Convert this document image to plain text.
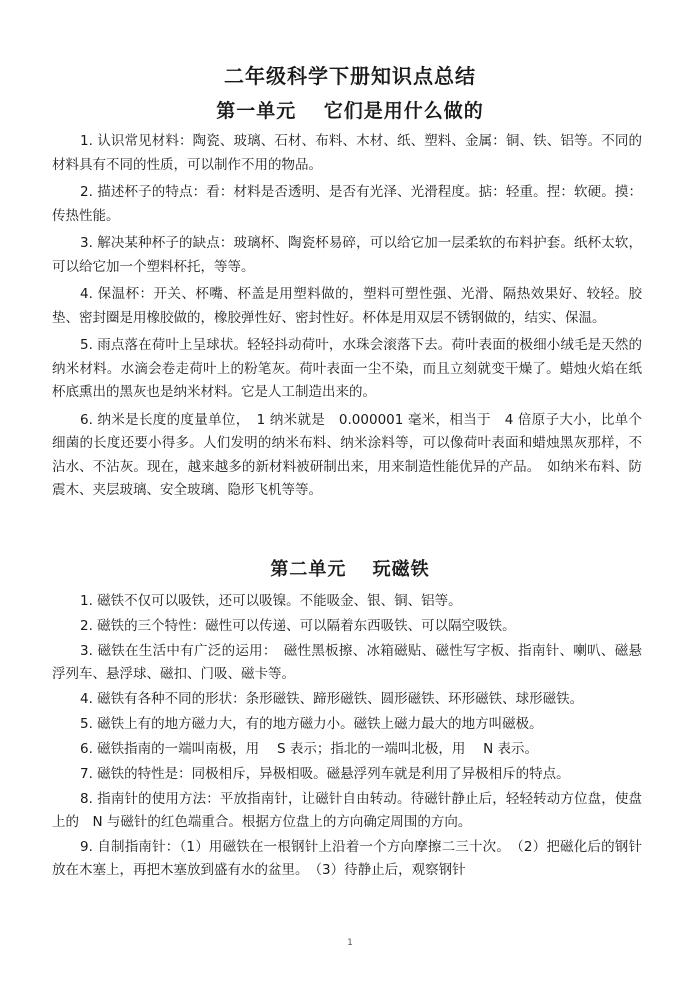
二年级科学下册知识点总结
第一单元　 它们是用什么做的

1. 认识常见材料：陶瓷、玻璃、石材、布料、木材、纸、塑料、金属：铜、铁、铝等。不同的材料具有不同的性质，可以制作不用的物品。

2. 描述杯子的特点：看：材料是否透明、是否有光泽、光滑程度。掂：轻重。捏：软硬。摸：传热性能。

3. 解决某种杯子的缺点：玻璃杯、陶瓷杯易碎，可以给它加一层柔软的布料护套。纸杯太软，可以给它加一个塑料杯托，等等。

4. 保温杯：开关、杯嘴、杯盖是用塑料做的，塑料可塑性强、光滑、隔热效果好、较轻。胶垫、密封圈是用橡胶做的，橡胶弹性好、密封性好。杯体是用双层不锈钢做的，结实、保温。

5. 雨点落在荷叶上呈球状。轻轻抖动荷叶，水珠会滚落下去。荷叶表面的极细小绒毛是天然的纳米材料。水滴会卷走荷叶上的粉笔灰。荷叶表面一尘不染，而且立刻就变干燥了。蜡烛火焰在纸杯底熏出的黑灰也是纳米材料。它是人工制造出来的。

6. 纳米是长度的度量单位，　1 纳米就是　0.000001 毫米，相当于　4 倍原子大小，比单个细菌的长度还要小得多。人们发明的纳米布料、纳米涂料等，可以像荷叶表面和蜡烛黑灰那样，不沾水、不沾灰。现在，越来越多的新材料被研制出来，用来制造性能优异的产品。　如纳米布料、防震木、夹层玻璃、安全玻璃、隐形飞机等等。

第二单元　 玩磁铁

1. 磁铁不仅可以吸铁，还可以吸镍。不能吸金、银、铜、铝等。

2. 磁铁的三个特性：磁性可以传递、可以隔着东西吸铁、可以隔空吸铁。

3. 磁铁在生活中有广泛的运用：　磁性黑板擦、冰箱磁贴、磁性写字板、指南针、喇叭、磁悬浮列车、悬浮球、磁扣、门吸、磁卡等。

4. 磁铁有各种不同的形状：条形磁铁、蹄形磁铁、圆形磁铁、环形磁铁、球形磁铁。

5. 磁铁上有的地方磁力大，有的地方磁力小。磁铁上磁力最大的地方叫磁极。

6. 磁铁指南的一端叫南极，用　 S 表示；指北的一端叫北极，用　 N 表示。

7. 磁铁的特性是：同极相斥，异极相吸。磁悬浮列车就是利用了异极相斥的特点。

8. 指南针的使用方法：平放指南针，让磁针自由转动。待磁针静止后，轻轻转动方位盘，使盘上的　N 与磁针的红色端重合。根据方位盘上的方向确定周围的方向。

9. 自制指南针：（1）用磁铁在一根钢针上沿着一个方向摩擦二三十次。　（2）把磁化后的钢针放在木塞上，再把木塞放到盛有水的盆里。　（3）待静止后，观察钢针

1
